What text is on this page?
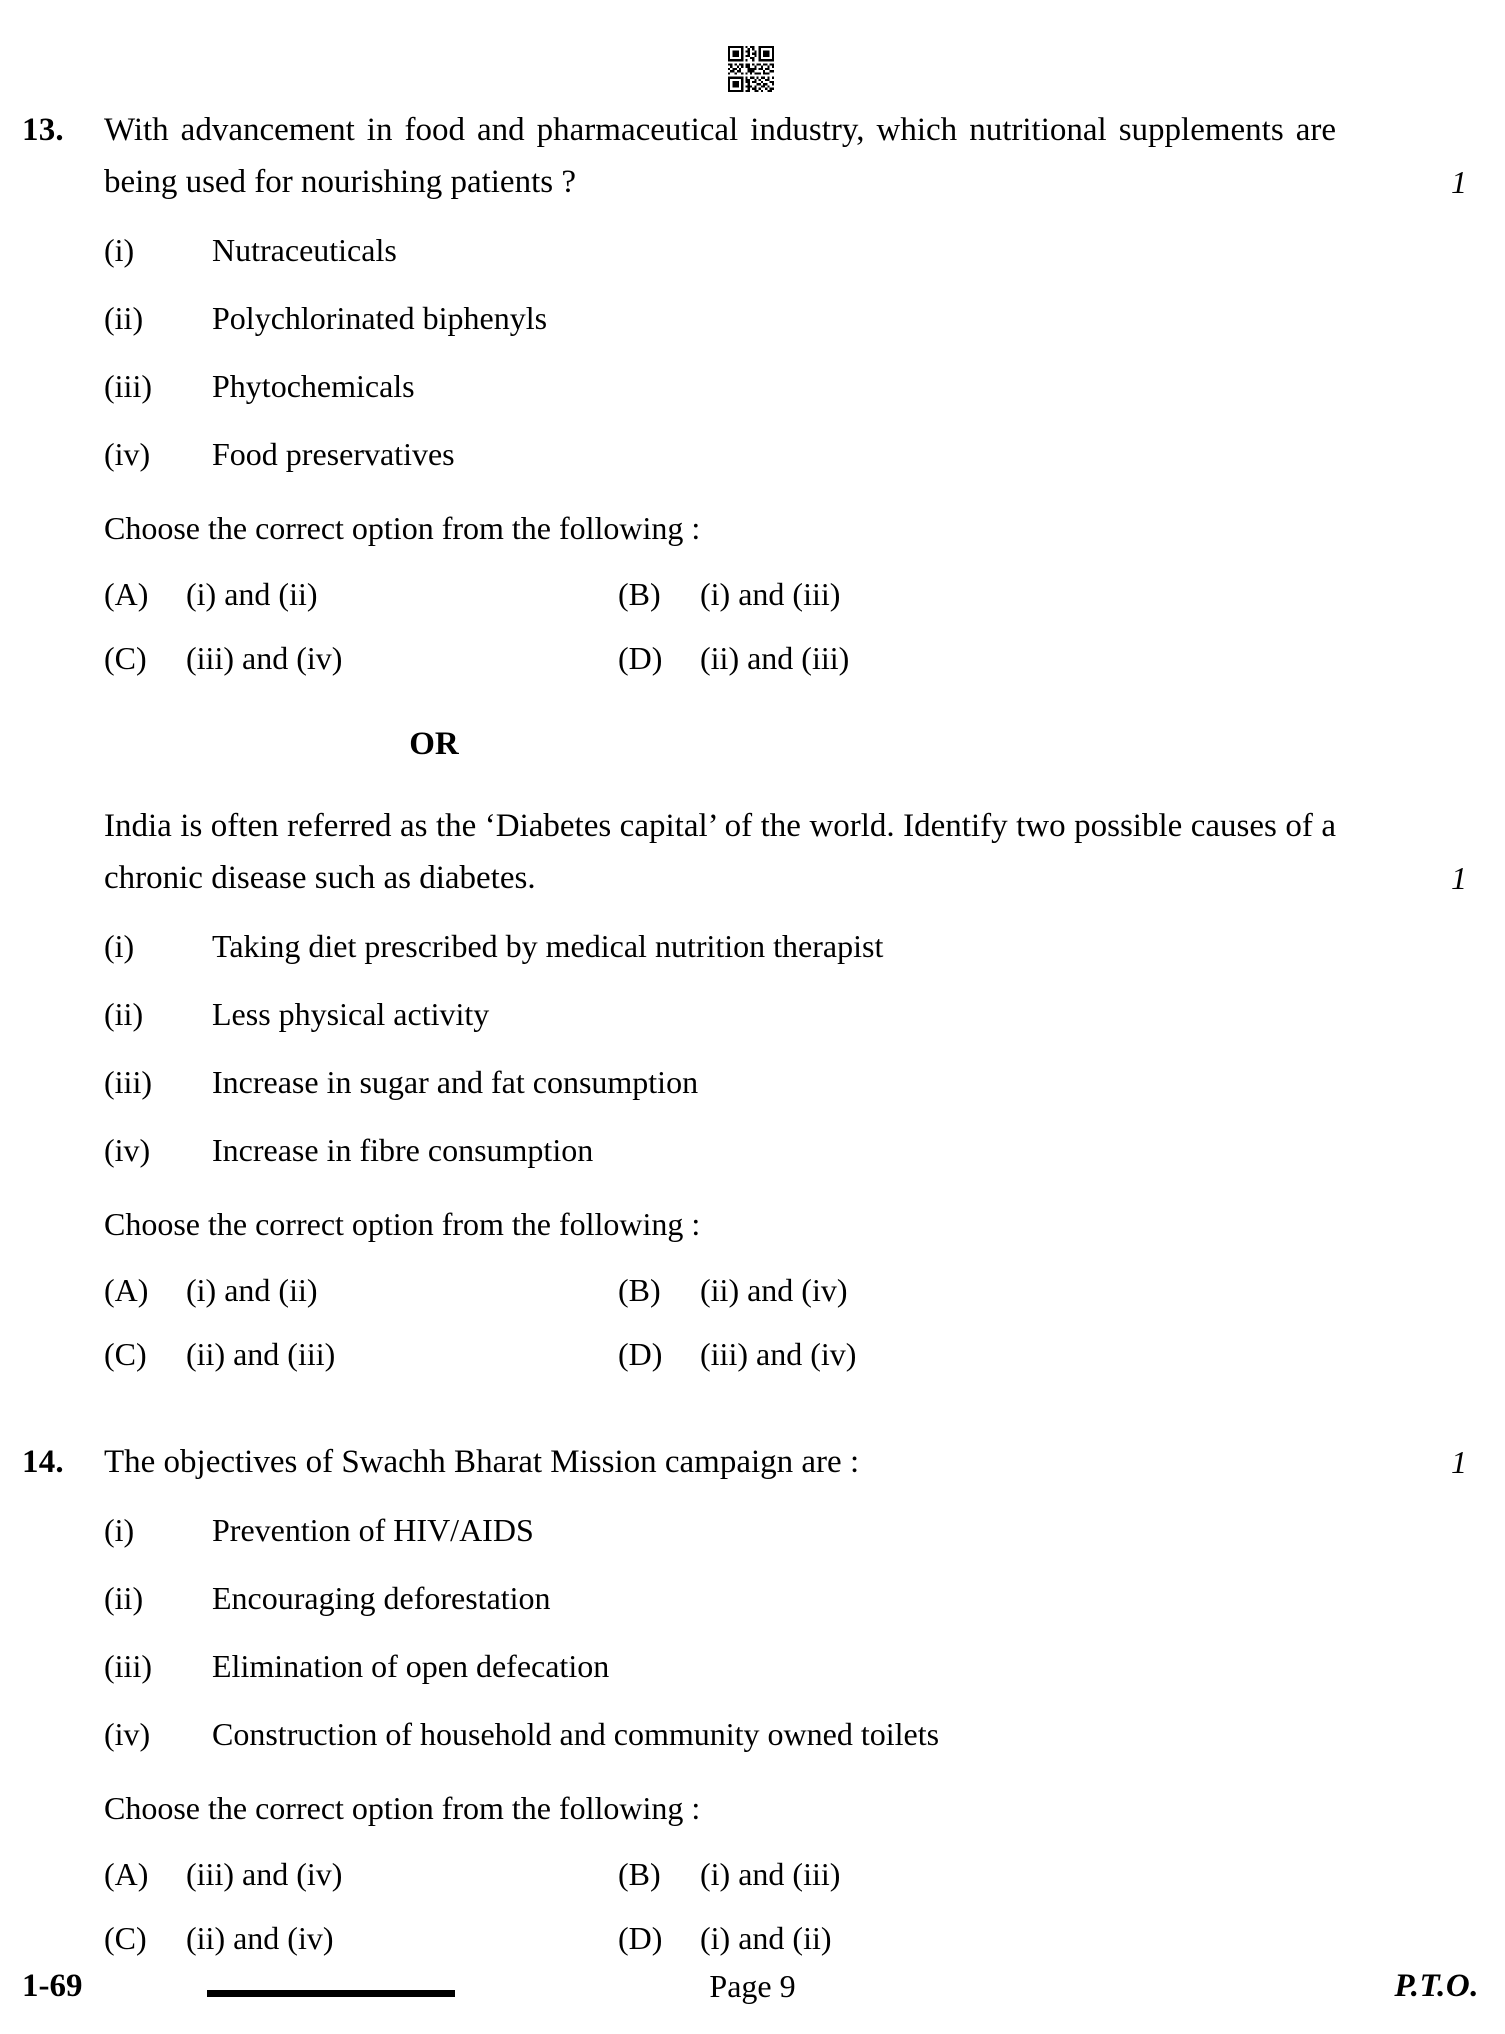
13.	With advancement in food and pharmaceutical industry, which nutritional supplements are being used for nourishing patients ?	1
(i)	Nutraceuticals
(ii)	Polychlorinated biphenyls
(iii)	Phytochemicals
(iv)	Food preservatives
Choose the correct option from the following :
(A)	(i) and (ii)	(B)	(i) and (iii)
(C)	(iii) and (iv)	(D)	(ii) and (iii)
OR

India is often referred as the ‘Diabetes capital’ of the world. Identify two possible causes of a chronic disease such as diabetes.	1
(i)	Taking diet prescribed by medical nutrition therapist
(ii)	Less physical activity
(iii)	Increase in sugar and fat consumption
(iv)	Increase in fibre consumption
Choose the correct option from the following :
(A)	(i) and (ii)	(B)	(ii) and (iv)
(C)	(ii) and (iii)	(D)	(iii) and (iv)
14.	The objectives of Swachh Bharat Mission campaign are :	1
(i)	Prevention of HIV/AIDS
(ii)	Encouraging deforestation
(iii)	Elimination of open defecation
(iv)	Construction of household and community owned toilets
Choose the correct option from the following :
(A)	(iii) and (iv)	(B)	(i) and (iii)
(C)	(ii) and (iv)	(D)	(i) and (ii)
1-69	Page 9	P.T.O.
